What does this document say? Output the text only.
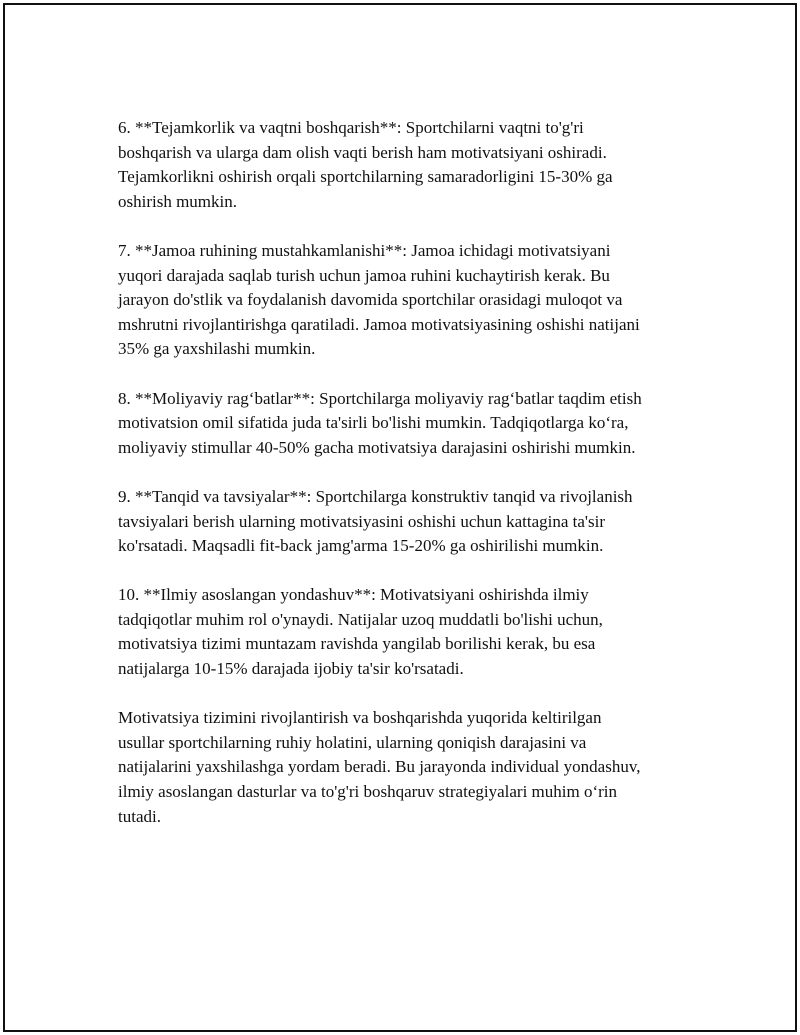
6. **Tejamkorlik va vaqtni boshqarish**: Sportchilarni vaqtni to'g'ri
boshqarish va ularga dam olish vaqti berish ham motivatsiyani oshiradi.
Tejamkorlikni oshirish orqali sportchilarning samaradorligini 15-30% ga
oshirish mumkin.

7. **Jamoa ruhining mustahkamlanishi**: Jamoa ichidagi motivatsiyani
yuqori darajada saqlab turish uchun jamoa ruhini kuchaytirish kerak. Bu
jarayon do'stlik va foydalanish davomida sportchilar orasidagi muloqot va
mshrutni rivojlantirishga qaratiladi. Jamoa motivatsiyasining oshishi natijani
35% ga yaxshilashi mumkin.

8. **Moliyaviy rag‘batlar**: Sportchilarga moliyaviy rag‘batlar taqdim etish
motivatsion omil sifatida juda ta'sirli bo'lishi mumkin. Tadqiqotlarga ko‘ra,
moliyaviy stimullar 40-50% gacha motivatsiya darajasini oshirishi mumkin.

9. **Tanqid va tavsiyalar**: Sportchilarga konstruktiv tanqid va rivojlanish
tavsiyalari berish ularning motivatsiyasini oshishi uchun kattagina ta'sir
ko'rsatadi. Maqsadli fit-back jamg'arma 15-20% ga oshirilishi mumkin.

10. **Ilmiy asoslangan yondashuv**: Motivatsiyani oshirishda ilmiy
tadqiqotlar muhim rol o'ynaydi. Natijalar uzoq muddatli bo'lishi uchun,
motivatsiya tizimi muntazam ravishda yangilab borilishi kerak, bu esa
natijalarga 10-15% darajada ijobiy ta'sir ko'rsatadi.

Motivatsiya tizimini rivojlantirish va boshqarishda yuqorida keltirilgan
usullar sportchilarning ruhiy holatini, ularning qoniqish darajasini va
natijalarini yaxshilashga yordam beradi. Bu jarayonda individual yondashuv,
ilmiy asoslangan dasturlar va to'g'ri boshqaruv strategiyalari muhim o‘rin
tutadi.
